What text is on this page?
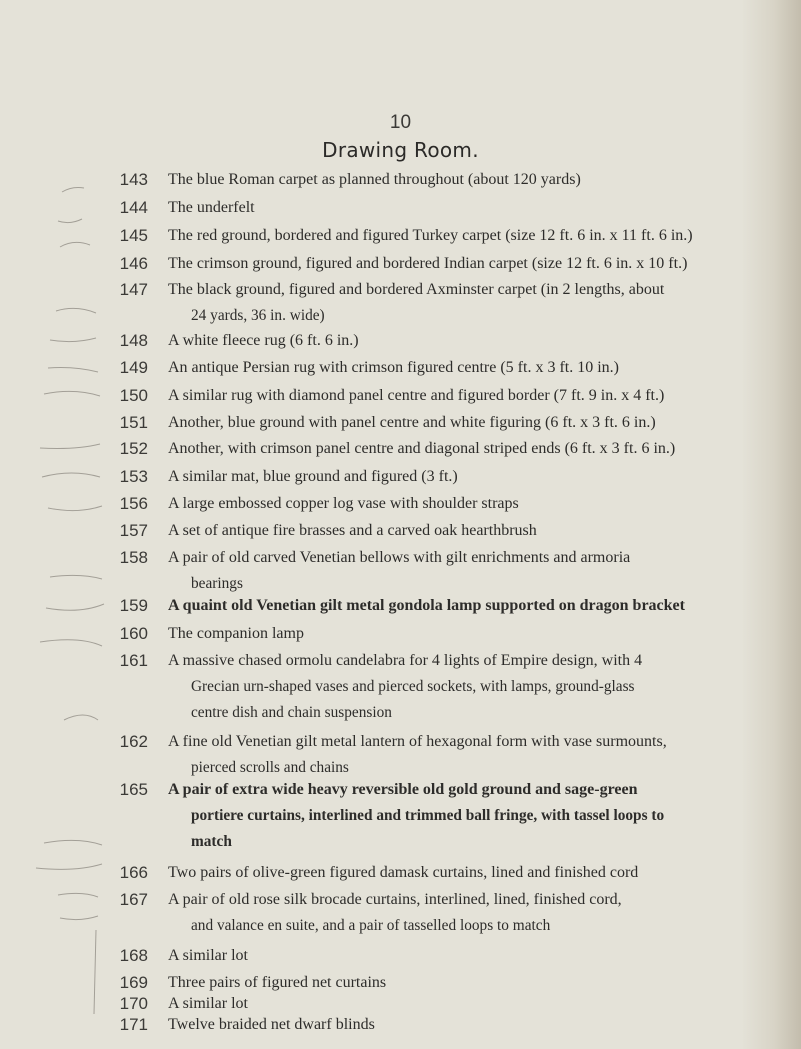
10
Drawing Room.
143 The blue Roman carpet as planned throughout (about 120 yards)
144 The underfelt
145 The red ground, bordered and figured Turkey carpet (size 12 ft. 6 in. x 11 ft. 6 in.)
146 The crimson ground, figured and bordered Indian carpet (size 12 ft. 6 in. x 10 ft.)
147 The black ground, figured and bordered Axminster carpet (in 2 lengths, about
24 yards, 36 in. wide)
148 A white fleece rug (6 ft. 6 in.)
149 An antique Persian rug with crimson figured centre (5 ft. x 3 ft. 10 in.)
150 A similar rug with diamond panel centre and figured border (7 ft. 9 in. x 4 ft.)
151 Another, blue ground with panel centre and white figuring (6 ft. x 3 ft. 6 in.)
152 Another, with crimson panel centre and diagonal striped ends (6 ft. x 3 ft. 6 in.)
153 A similar mat, blue ground and figured (3 ft.)
156 A large embossed copper log vase with shoulder straps
157 A set of antique fire brasses and a carved oak hearthbrush
158 A pair of old carved Venetian bellows with gilt enrichments and armoria
bearings
159 A quaint old Venetian gilt metal gondola lamp supported on dragon bracket
160 The companion lamp
161 A massive chased ormolu candelabra for 4 lights of Empire design, with 4
Grecian urn-shaped vases and pierced sockets, with lamps, ground-glasscentre dish and chain suspension
162 A fine old Venetian gilt metal lantern of hexagonal form with vase surmounts,
pierced scrolls and chains
165 A pair of extra wide heavy reversible old gold ground and sage-green
portiere curtains, interlined and trimmed ball fringe, with tassel loops tomatch
166 Two pairs of olive-green figured damask curtains, lined and finished cord
167 A pair of old rose silk brocade curtains, interlined, lined, finished cord,
and valance en suite, and a pair of tasselled loops to match
168 A similar lot
169 Three pairs of figured net curtains
170 A similar lot
171 Twelve braided net dwarf blinds
